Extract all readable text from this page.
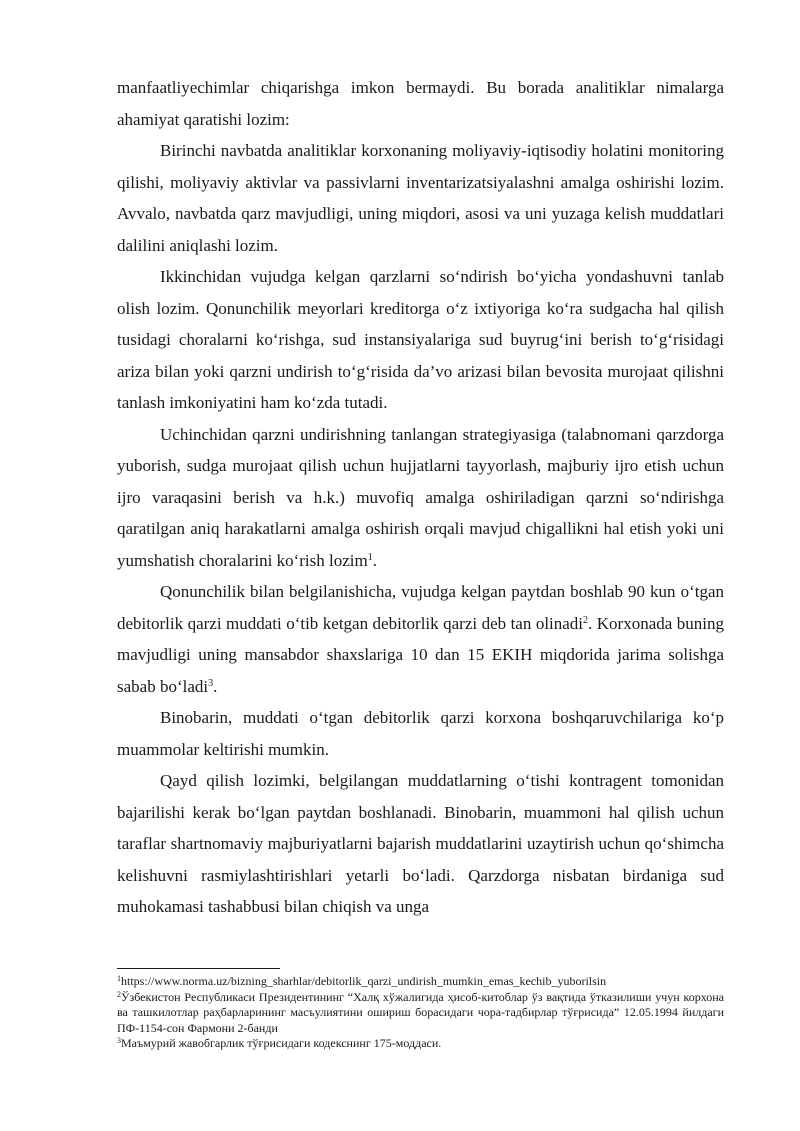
manfaatliyechimlar chiqarishga imkon bermaydi. Bu borada analitiklar nimalarga ahamiyat qaratishi lozim:

Birinchi navbatda analitiklar korxonaning moliyaviy-iqtisodiy holatini monitoring qilishi, moliyaviy aktivlar va passivlarni inventarizatsiyalashni amalga oshirishi lozim. Avvalo, navbatda qarz mavjudligi, uning miqdori, asosi va uni yuzaga kelish muddatlari dalilini aniqlashi lozim.

Ikkinchidan vujudga kelgan qarzlarni so‘ndirish bo‘yicha yondashuvni tanlab olish lozim. Qonunchilik meyorlari kreditorga o‘z ixtiyoriga ko‘ra sudgacha hal qilish tusidagi choralarni ko‘rishga, sud instansiyalariga sud buyrug‘ini berish to‘g‘risidagi ariza bilan yoki qarzni undirish to‘g‘risida da’vo arizasi bilan bevosita murojaat qilishni tanlash imkoniyatini ham ko‘zda tutadi.

Uchinchidan qarzni undirishning tanlangan strategiyasiga (talabnomani qarzdorga yuborish, sudga murojaat qilish uchun hujjatlarni tayyorlash, majburiy ijro etish uchun ijro varaqasini berish va h.k.) muvofiq amalga oshiriladigan qarzni so‘ndirishga qaratilgan aniq harakatlarni amalga oshirish orqali mavjud chigallikni hal etish yoki uni yumshatish choralarini ko‘rish lozim$^1$.

Qonunchilik bilan belgilanishicha, vujudga kelgan paytdan boshlab 90 kun o‘tgan debitorlik qarzi muddati o‘tib ketgan debitorlik qarzi deb tan olinadi$^2$. Korxonada buning mavjudligi uning mansabdor shaxslariga 10 dan 15 EKIH miqdorida jarima solishga sabab bo‘ladi$^3$.

Binobarin, muddati o‘tgan debitorlik qarzi korxona boshqaruvchilariga ko‘p muammolar keltirishi mumkin.

Qayd qilish lozimki, belgilangan muddatlarning o‘tishi kontragent tomonidan bajarilishi kerak bo‘lgan paytdan boshlanadi. Binobarin, muammoni hal qilish uchun taraflar shartnomaviy majburiyatlarni bajarish muddatlarini uzaytirish uchun qo‘shimcha kelishuvni rasmiylashtirishlari yetarli bo‘ladi. Qarzdorga nisbatan birdaniga sud muhokamasi tashabbusi bilan chiqish va unga

$^1$https://www.norma.uz/bizning_sharhlar/debitorlik_qarzi_undirish_mumkin_emas_kechib_yuborilsin

$^2$Ўзбекистон Республикаси Президентининг “Халқ хўжалигида ҳисоб-китоблар ўз вақтида ўтказилиши учун корхона ва ташкилотлар раҳбарларининг масъулиятини ошириш борасидаги чора-тадбирлар тўғрисида” 12.05.1994 йилдаги ПФ-1154-сон Фармони 2-банди

$^3$Маъмурий жавобгарлик тўғрисидаги кодекснинг 175-моддаси.
